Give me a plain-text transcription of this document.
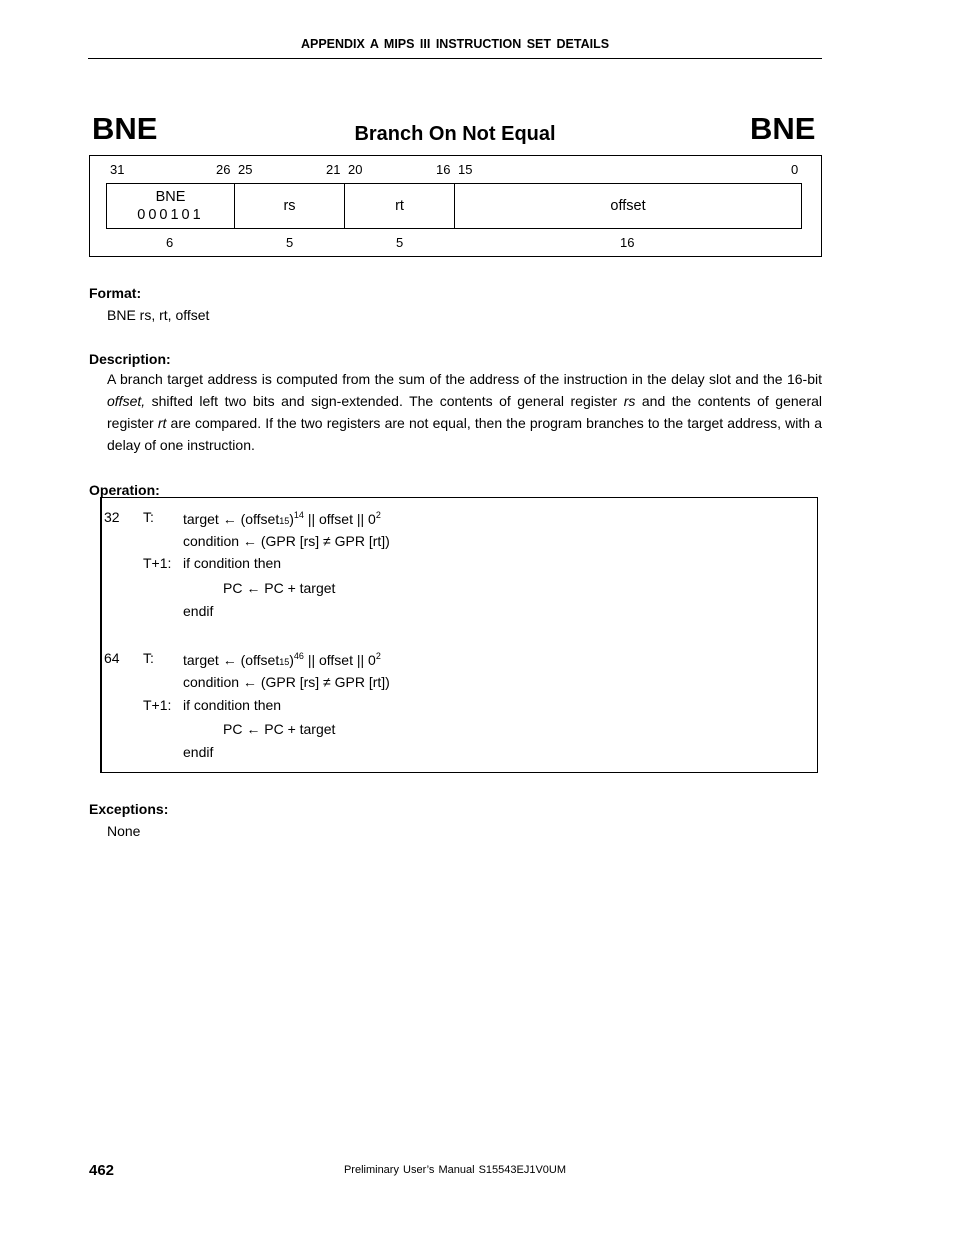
APPENDIX A MIPS III INSTRUCTION SET DETAILS
BNE	Branch On Not Equal	BNE
31	26 25	21 20	16 15	0
BNE
000101
rs	rt	offset
6	5	5	16
Format:
BNE rs, rt, offset
Description:
A branch target address is computed from the sum of the address of the instruction in the delay slot and the 16-bit offset, shifted left two bits and sign-extended. The contents of general register rs and the contents of general register rt are compared. If the two registers are not equal, then the program branches to the target address, with a delay of one instruction.
Operation:
32 T: target ← (offset15)$^{14}$ || offset || $0^2$
condition ← (GPR [rs] ≠ GPR [rt])
T+1: if condition then
PC ← PC + target
endif
64 T: target ← (offset15)$^{46}$ || offset || $0^2$
condition ← (GPR [rs] ≠ GPR [rt])
T+1: if condition then
PC ← PC + target
endif
Exceptions:
None
462	Preliminary User’s Manual S15543EJ1V0UM
